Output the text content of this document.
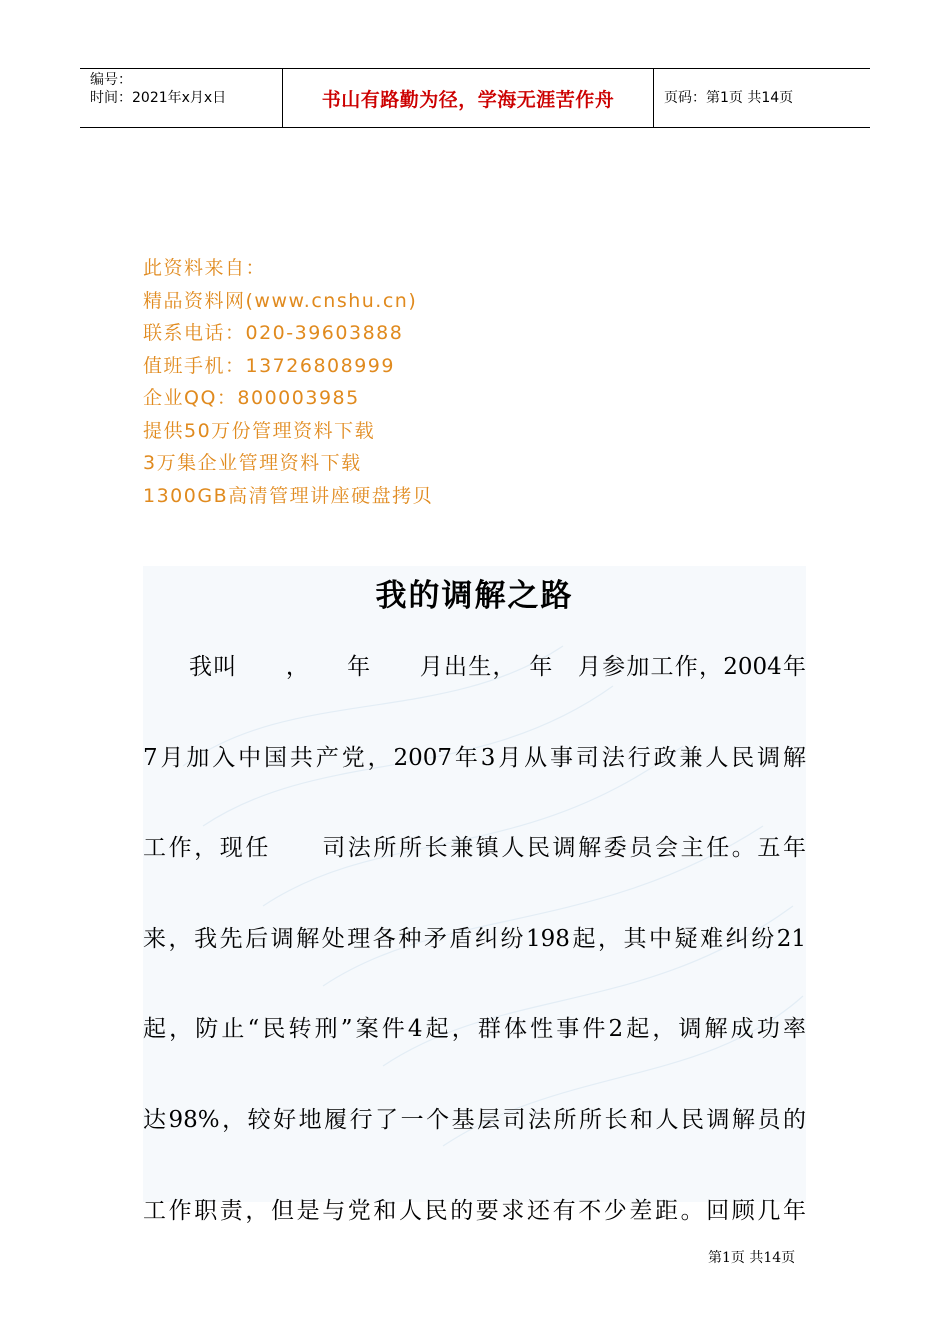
编号：
时间：2021年x月x日	书山有路勤为径，学海无涯苦作舟	页码：第1页 共14页
此资料来自：
精品资料网(www.cnshu.cn)
联系电话：020-39603888
值班手机：13726808999
企业QQ：800003985
提供50万份管理资料下载
3万集企业管理资料下载
1300GB高清管理讲座硬盘拷贝
我的调解之路
我叫　　，　　年　　月出生，　年　月参加工作，2004年
7月加入中国共产党，2007年3月从事司法行政兼人民调解
工作，现任　　司法所所长兼镇人民调解委员会主任。五年
来，我先后调解处理各种矛盾纠纷198起，其中疑难纠纷21
起，防止“民转刑”案件4起，群体性事件2起，调解成功率
达98%，较好地履行了一个基层司法所所长和人民调解员的
工作职责，但是与党和人民的要求还有不少差距。回顾几年
第1页 共14页
